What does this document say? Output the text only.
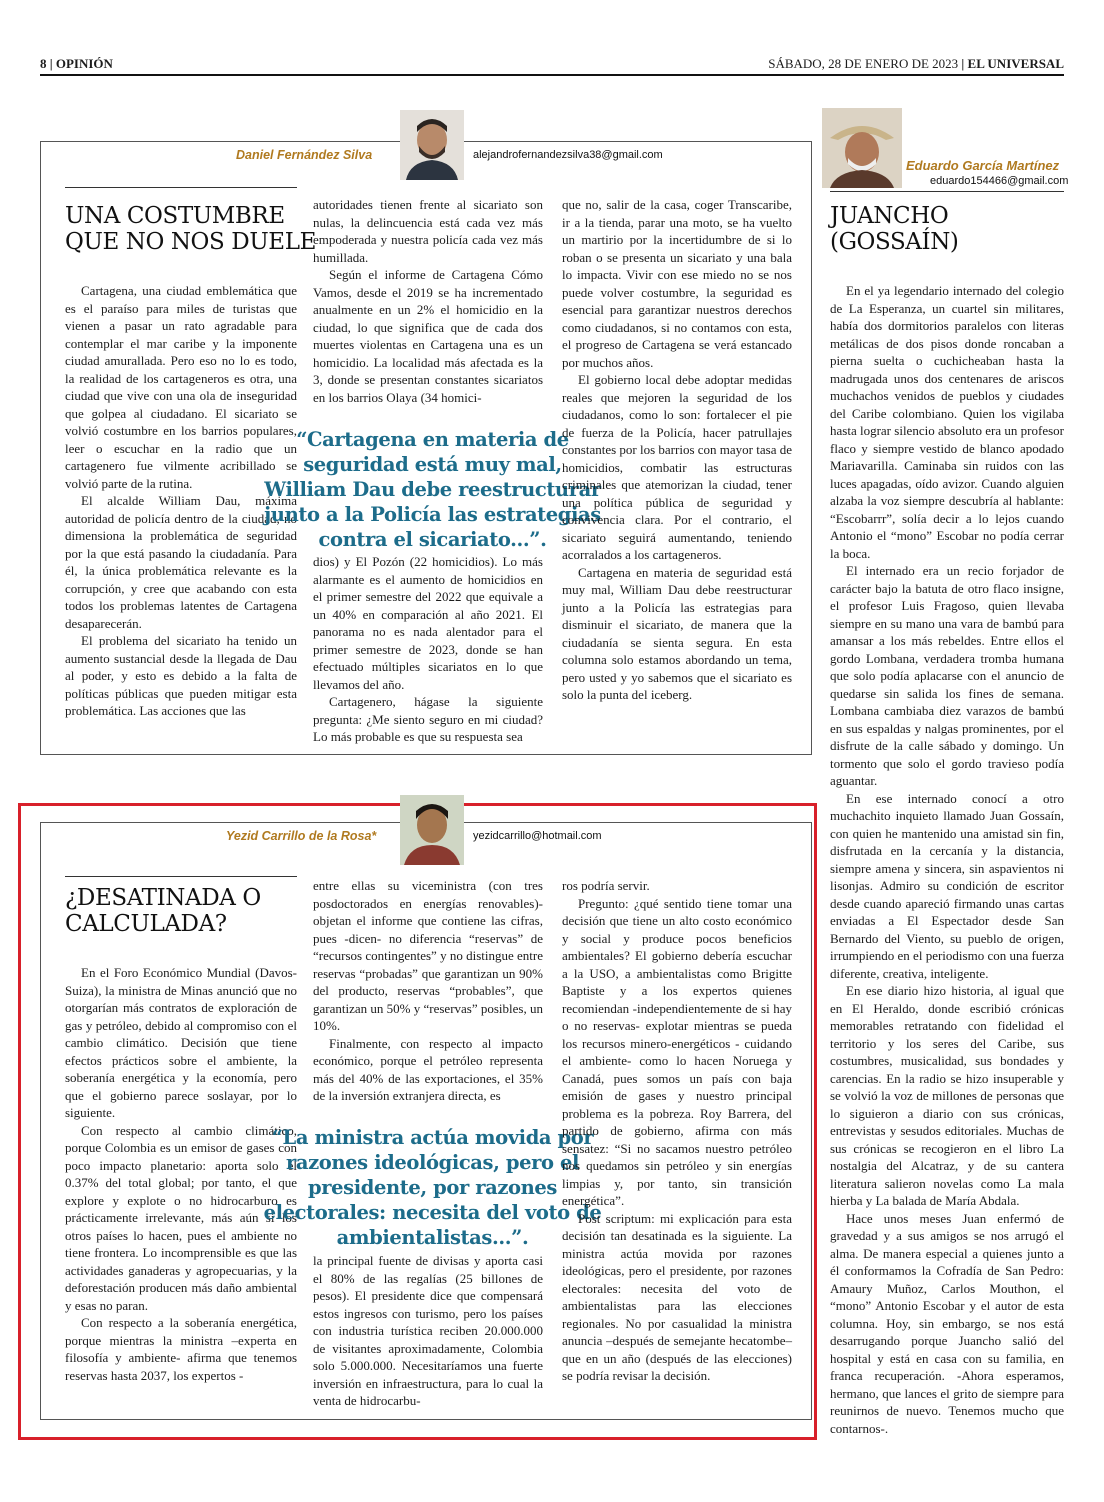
8 | OPINIÓN	SÁBADO, 28 DE ENERO DE 2023 | EL UNIVERSAL
Daniel Fernández Silva	alejandrofernandezsilva38@gmail.com
UNA COSTUMBRE
QUE NO NOS DUELE

Cartagena, una ciudad emblemática que es el paraíso para miles de turistas que vienen a pasar un rato agradable para contemplar el mar caribe y la imponente ciudad amurallada. Pero eso no lo es todo, la realidad de los cartageneros es otra, una ciudad que vive con una ola de inseguridad que golpea al ciudadano. El sicariato se volvió costumbre en los barrios populares, leer o escuchar en la radio que un cartagenero fue vilmente acribillado se volvió parte de la rutina.

El alcalde William Dau, máxima autoridad de policía dentro de la ciudad, no dimensiona la problemática de seguridad por la que está pasando la ciudadanía. Para él, la única problemática relevante es la corrupción, y cree que acabando con esta todos los problemas latentes de Cartagena desaparecerán.

El problema del sicariato ha tenido un aumento sustancial desde la llegada de Dau al poder, y esto es debido a la falta de políticas públicas que pueden mitigar esta problemática. Las acciones que las

autoridades tienen frente al sicariato son nulas, la delincuencia está cada vez más empoderada y nuestra policía cada vez más humillada.

Según el informe de Cartagena Cómo Vamos, desde el 2019 se ha incrementado anualmente en un 2% el homicidio en la ciudad, lo que significa que de cada dos muertes violentas en Cartagena una es un homicidio. La localidad más afectada es la 3, donde se presentan constantes sicariatos en los barrios Olaya (34 homici-

“Cartagena en materia de seguridad está muy mal, William Dau debe reestructurar junto a la Policía las estrategias contra el sicariato...”.

dios) y El Pozón (22 homicidios). Lo más alarmante es el aumento de homicidios en el primer semestre del 2022 que equivale a un 40% en comparación al año 2021. El panorama no es nada alentador para el primer semestre de 2023, donde se han efectuado múltiples sicariatos en lo que llevamos del año.

Cartagenero, hágase la siguiente pregunta: ¿Me siento seguro en mi ciudad? Lo más probable es que su respuesta sea

que no, salir de la casa, coger Transcaribe, ir a la tienda, parar una moto, se ha vuelto un martirio por la incertidumbre de si lo roban o se presenta un sicariato y una bala lo impacta. Vivir con ese miedo no se nos puede volver costumbre, la seguridad es esencial para garantizar nuestros derechos como ciudadanos, si no contamos con esta, el progreso de Cartagena se verá estancado por muchos años.

El gobierno local debe adoptar medidas reales que mejoren la seguridad de los ciudadanos, como lo son: fortalecer el pie de fuerza de la Policía, hacer patrullajes constantes por los barrios con mayor tasa de homicidios, combatir las estructuras criminales que atemorizan la ciudad, tener una política pública de seguridad y convivencia clara. Por el contrario, el sicariato seguirá aumentando, teniendo acorralados a los cartageneros.

Cartagena en materia de seguridad está muy mal, William Dau debe reestructurar junto a la Policía las estrategias para disminuir el sicariato, de manera que la ciudadanía se sienta segura. En esta columna solo estamos abordando un tema, pero usted y yo sabemos que el sicariato es solo la punta del iceberg.

Yezid Carrillo de la Rosa*	yezidcarrillo@hotmail.com
¿DESATINADA O
CALCULADA?

En el Foro Económico Mundial (Davos-Suiza), la ministra de Minas anunció que no otorgarían más contratos de exploración de gas y petróleo, debido al compromiso con el cambio climático. Decisión que tiene efectos prácticos sobre el ambiente, la soberanía energética y la economía, pero que el gobierno parece soslayar, por lo siguiente.

Con respecto al cambio climático, porque Colombia es un emisor de gases con poco impacto planetario: aporta solo el 0.37% del total global; por tanto, el que explore y explote o no hidrocarburo es prácticamente irrelevante, más aún si los otros países lo hacen, pues el ambiente no tiene frontera. Lo incomprensible es que las actividades ganaderas y agropecuarias, y la deforestación producen más daño ambiental y esas no paran.

Con respecto a la soberanía energética, porque mientras la ministra –experta en filosofía y ambiente- afirma que tenemos reservas hasta 2037, los expertos -

entre ellas su viceministra (con tres posdoctorados en energías renovables)- objetan el informe que contiene las cifras, pues -dicen- no diferencia “reservas” de “recursos contingentes” y no distingue entre reservas “probadas” que garantizan un 90% del producto, reservas “probables”, que garantizan un 50% y “reservas” posibles, un 10%.

Finalmente, con respecto al impacto económico, porque el petróleo representa más del 40% de las exportaciones, el 35% de la inversión extranjera directa, es

“La ministra actúa movida por razones ideológicas, pero el presidente, por razones electorales: necesita del voto de ambientalistas...”.

la principal fuente de divisas y aporta casi el 80% de las regalías (25 billones de pesos). El presidente dice que compensará estos ingresos con turismo, pero los países con industria turística reciben 20.000.000 de visitantes aproximadamente, Colombia solo 5.000.000. Necesitaríamos una fuerte inversión en infraestructura, para lo cual la venta de hidrocarbu-

ros podría servir.

Pregunto: ¿qué sentido tiene tomar una decisión que tiene un alto costo económico y social y produce pocos beneficios ambientales? El gobierno debería escuchar a la USO, a ambientalistas como Brigitte Baptiste y a los expertos quienes recomiendan -independientemente de si hay o no reservas- explotar mientras se pueda los recursos minero-energéticos - cuidando el ambiente- como lo hacen Noruega y Canadá, pues somos un país con baja emisión de gases y nuestro principal problema es la pobreza. Roy Barrera, del partido de gobierno, afirma con más sensatez: “Si no sacamos nuestro petróleo nos quedamos sin petróleo y sin energías limpias y, por tanto, sin transición energética”.

Post scriptum: mi explicación para esta decisión tan desatinada es la siguiente. La ministra actúa movida por razones ideológicas, pero el presidente, por razones electorales: necesita del voto de ambientalistas para las elecciones regionales. No por casualidad la ministra anuncia –después de semejante hecatombe– que en un año (después de las elecciones) se podría revisar la decisión.

Eduardo García Martínez
eduardo154466@gmail.com
JUANCHO
(GOSSAÍN)

En el ya legendario internado del colegio de La Esperanza, un cuartel sin militares, había dos dormitorios paralelos con literas metálicas de dos pisos donde roncaban a pierna suelta o cuchicheaban hasta la madrugada unos dos centenares de ariscos muchachos venidos de pueblos y ciudades del Caribe colombiano. Quien los vigilaba hasta lograr silencio absoluto era un profesor flaco y siempre vestido de blanco apodado Mariavarilla. Caminaba sin ruidos con las luces apagadas, oído avizor. Cuando alguien alzaba la voz siempre descubría al hablante: “Escobarrr”, solía decir a lo lejos cuando Antonio el “mono” Escobar no podía cerrar la boca.

El internado era un recio forjador de carácter bajo la batuta de otro flaco insigne, el profesor Luis Fragoso, quien llevaba siempre en su mano una vara de bambú para amansar a los más rebeldes. Entre ellos el gordo Lombana, verdadera tromba humana que solo podía aplacarse con el anuncio de quedarse sin salida los fines de semana. Lombana cambiaba diez varazos de bambú en sus espaldas y nalgas prominentes, por el disfrute de la calle sábado y domingo. Un tormento que solo el gordo travieso podía aguantar.

En ese internado conocí a otro muchachito inquieto llamado Juan Gossaín, con quien he mantenido una amistad sin fin, disfrutada en la cercanía y la distancia, siempre amena y sincera, sin aspavientos ni lisonjas. Admiro su condición de escritor desde cuando apareció firmando unas cartas enviadas a El Espectador desde San Bernardo del Viento, su pueblo de origen, irrumpiendo en el periodismo con una fuerza diferente, creativa, inteligente.

En ese diario hizo historia, al igual que en El Heraldo, donde escribió crónicas memorables retratando con fidelidad el territorio y los seres del Caribe, sus costumbres, musicalidad, sus bondades y carencias. En la radio se hizo insuperable y se volvió la voz de millones de personas que lo siguieron a diario con sus crónicas, entrevistas y sesudos editoriales. Muchas de sus crónicas se recogieron en el libro La nostalgia del Alcatraz, y de su cantera literatura salieron novelas como La mala hierba y La balada de María Abdala.

Hace unos meses Juan enfermó de gravedad y a sus amigos se nos arrugó el alma. De manera especial a quienes junto a él conformamos la Cofradía de San Pedro: Amaury Muñoz, Carlos Mouthon, el “mono” Antonio Escobar y el autor de esta columna. Hoy, sin embargo, se nos está desarrugando porque Juancho salió del hospital y está en casa con su familia, en franca recuperación. -Ahora esperamos, hermano, que lances el grito de siempre para reunirnos de nuevo. Tenemos mucho que contarnos-.
